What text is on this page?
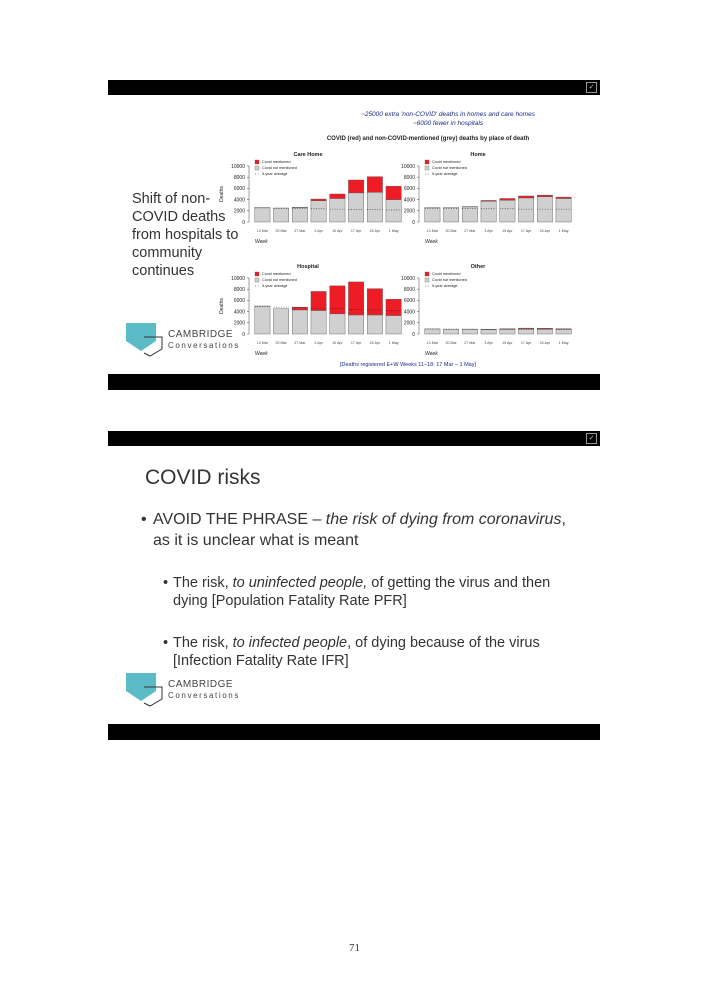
✓
Shift of non-COVID deaths from hospitals to community continues
~25000 extra 'non-COVID' deaths in homes and care homes
~6000 fewer in hospitals
COVID (red) and non-COVID-mentioned (grey) deaths by place of death
Care Home
10000
8000
6000
4000
2000
0
Deaths
13 Mar 20 Mar 27 Mar 3 Apr	10 Apr 17 Apr 24 Apr 1 May
Week
Covid mentioned
Covid not mentioned
5-year average
Home
10000
8000
6000
4000
2000
0
13 Mar 20 Mar 27 Mar 3 Apr	10 Apr 17 Apr 24 Apr 1 May
Week
Covid mentioned
Covid not mentioned
5-year average
Hospital
10000
8000
6000
4000
2000
0
Deaths
13 Mar 20 Mar 27 Mar 3 Apr	10 Apr 17 Apr 24 Apr 1 May
Week
Covid mentioned
Covid not mentioned
5-year average
Other
10000
8000
6000
4000
2000
0
13 Mar 20 Mar 27 Mar 3 Apr	10 Apr 17 Apr 24 Apr 1 May
Week
Covid mentioned
Covid not mentioned
5-year average
[Deaths registered E+W Weeks 11–18: 17 Mar – 1 May]
CAMBRIDGE
Conversations
✓
COVID risks
• AVOID THE PHRASE – the risk of dying from coronavirus, as it is unclear what is meant
• The risk, to uninfected people, of getting the virus and then dying [Population Fatality Rate PFR]
• The risk, to infected people, of dying because of the virus [Infection Fatality Rate IFR]
CAMBRIDGE
Conversations
71
